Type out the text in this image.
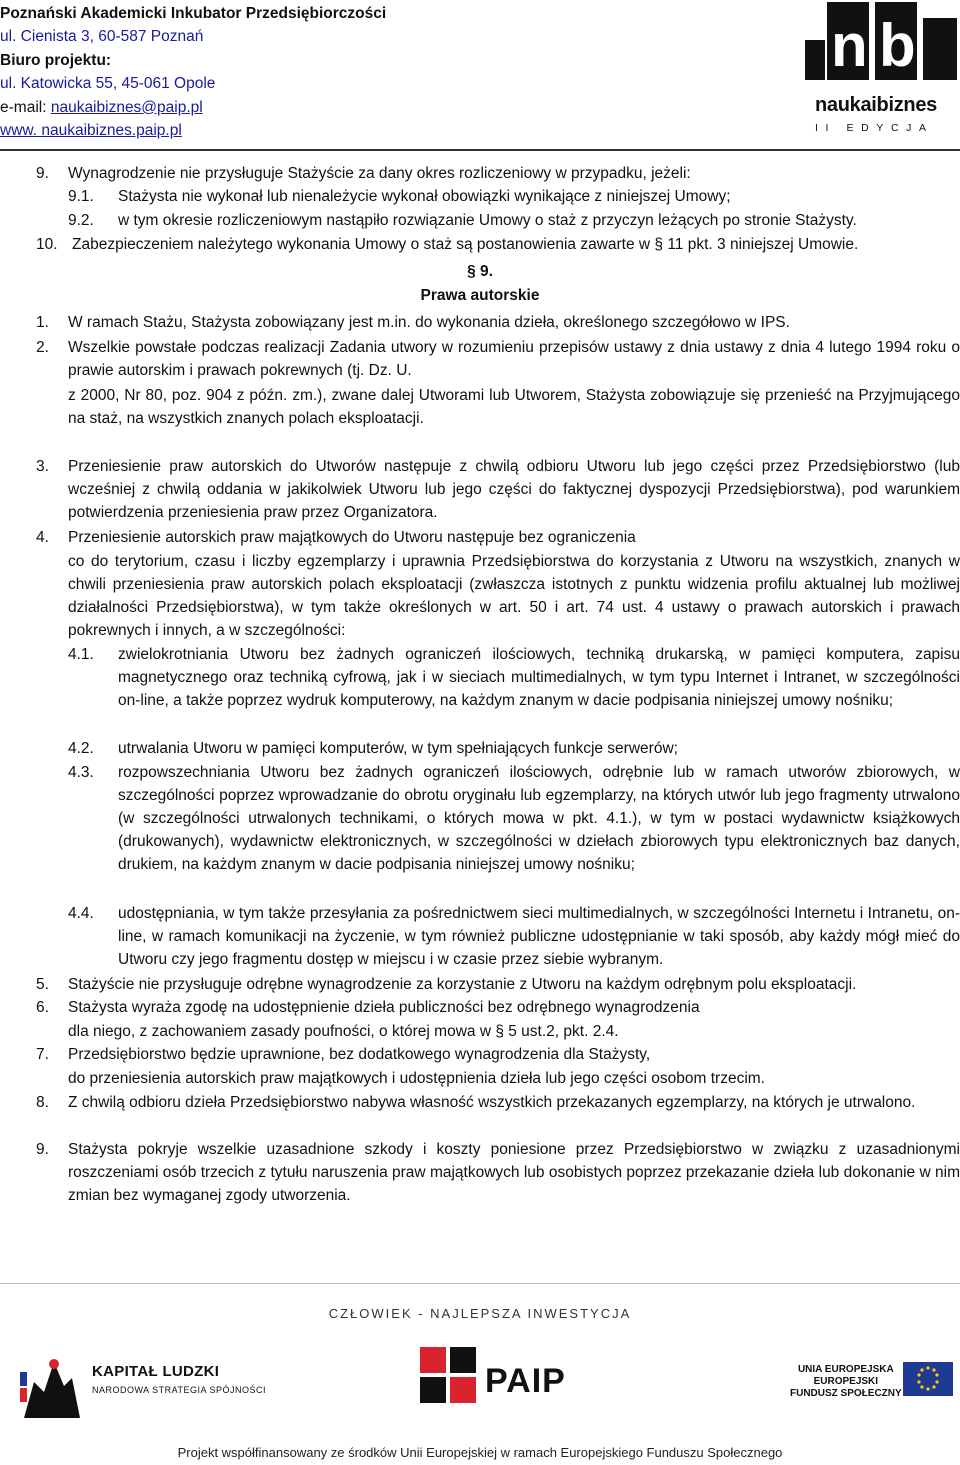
Poznański Akademicki Inkubator Przedsiębiorczości
ul. Cienista 3, 60-587 Poznań
Biuro projektu:
ul. Katowicka 55, 45-061 Opole
e-mail: naukaibiznes@paip.pl
www. naukaibiznes.paip.pl
n b
naukaibiznes
II EDYCJA
9. Wynagrodzenie nie przysługuje Stażyście za dany okres rozliczeniowy w przypadku, jeżeli:
9.1. Stażysta nie wykonał lub nienależycie wykonał obowiązki wynikające z niniejszej Umowy;
9.2. w tym okresie rozliczeniowym nastąpiło rozwiązanie Umowy o staż z przyczyn leżących po stronie Stażysty.
10. Zabezpieczeniem należytego wykonania Umowy o staż są postanowienia zawarte w § 11 pkt. 3 niniejszej Umowie.
§ 9.
Prawa autorskie
1. W ramach Stażu, Stażysta zobowiązany jest m.in. do wykonania dzieła, określonego szczegółowo w IPS.
2. Wszelkie powstałe podczas realizacji Zadania utwory w rozumieniu przepisów ustawy z dnia ustawy z dnia 4 lutego 1994 roku o prawie autorskim i prawach pokrewnych (tj. Dz. U.
z 2000, Nr 80, poz. 904 z późn. zm.), zwane dalej Utworami lub Utworem, Stażysta zobowiązuje się przenieść na Przyjmującego na staż, na wszystkich znanych polach eksploatacji.
3. Przeniesienie praw autorskich do Utworów następuje z chwilą odbioru Utworu lub jego części przez Przedsiębiorstwo (lub wcześniej z chwilą oddania w jakikolwiek Utworu lub jego części do faktycznej dyspozycji Przedsiębiorstwa), pod warunkiem potwierdzenia przeniesienia praw przez Organizatora.
4. Przeniesienie autorskich praw majątkowych do Utworu następuje bez ograniczenia
co do terytorium, czasu i liczby egzemplarzy i uprawnia Przedsiębiorstwa do korzystania z Utworu na wszystkich, znanych w chwili przeniesienia praw autorskich polach eksploatacji (zwłaszcza istotnych z punktu widzenia profilu aktualnej lub możliwej działalności Przedsiębiorstwa), w tym także określonych w art. 50 i art. 74 ust. 4 ustawy o prawach autorskich i prawach pokrewnych i innych, a w szczególności:
4.1. zwielokrotniania Utworu bez żadnych ograniczeń ilościowych, techniką drukarską, w pamięci komputera, zapisu magnetycznego oraz techniką cyfrową, jak i w sieciach multimedialnych, w tym typu Internet i Intranet, w szczególności on-line, a także poprzez wydruk komputerowy, na każdym znanym w dacie podpisania niniejszej umowy nośniku;
4.2. utrwalania Utworu w pamięci komputerów, w tym spełniających funkcje serwerów;
4.3. rozpowszechniania Utworu bez żadnych ograniczeń ilościowych, odrębnie lub w ramach utworów zbiorowych, w szczególności poprzez wprowadzanie do obrotu oryginału lub egzemplarzy, na których utwór lub jego fragmenty utrwalono (w szczególności utrwalonych technikami, o których mowa w pkt. 4.1.), w tym w postaci wydawnictw książkowych (drukowanych), wydawnictw elektronicznych, w szczególności w dziełach zbiorowych typu elektronicznych baz danych, drukiem, na każdym znanym w dacie podpisania niniejszej umowy nośniku;
4.4. udostępniania, w tym także przesyłania za pośrednictwem sieci multimedialnych, w szczególności Internetu i Intranetu, on-line, w ramach komunikacji na życzenie, w tym również publiczne udostępnianie w taki sposób, aby każdy mógł mieć do Utworu czy jego fragmentu dostęp w miejscu i w czasie przez siebie wybranym.
5. Stażyście nie przysługuje odrębne wynagrodzenie za korzystanie z Utworu na każdym odrębnym polu eksploatacji.
6. Stażysta wyraża zgodę na udostępnienie dzieła publiczności bez odrębnego wynagrodzenia
dla niego, z zachowaniem zasady poufności, o której mowa w § 5 ust.2, pkt. 2.4.
7. Przedsiębiorstwo będzie uprawnione, bez dodatkowego wynagrodzenia dla Stażysty,
do przeniesienia autorskich praw majątkowych i udostępnienia dzieła lub jego części osobom trzecim.
8. Z chwilą odbioru dzieła Przedsiębiorstwo nabywa własność wszystkich przekazanych egzemplarzy, na których je utrwalono.
9. Stażysta pokryje wszelkie uzasadnione szkody i koszty poniesione przez Przedsiębiorstwo w związku z uzasadnionymi roszczeniami osób trzecich z tytułu naruszenia praw majątkowych lub osobistych poprzez przekazanie dzieła lub dokonanie w nim zmian bez wymaganej zgody utworzenia.
CZŁOWIEK - NAJLEPSZA INWESTYCJA
KAPITAŁ LUDZKI
NARODOWA STRATEGIA SPÓJNOŚCI	PAIP	UNIA EUROPEJSKA
EUROPEJSKI
FUNDUSZ SPOŁECZNY
Projekt współfinansowany ze środków Unii Europejskiej w ramach Europejskiego Funduszu Społecznego
